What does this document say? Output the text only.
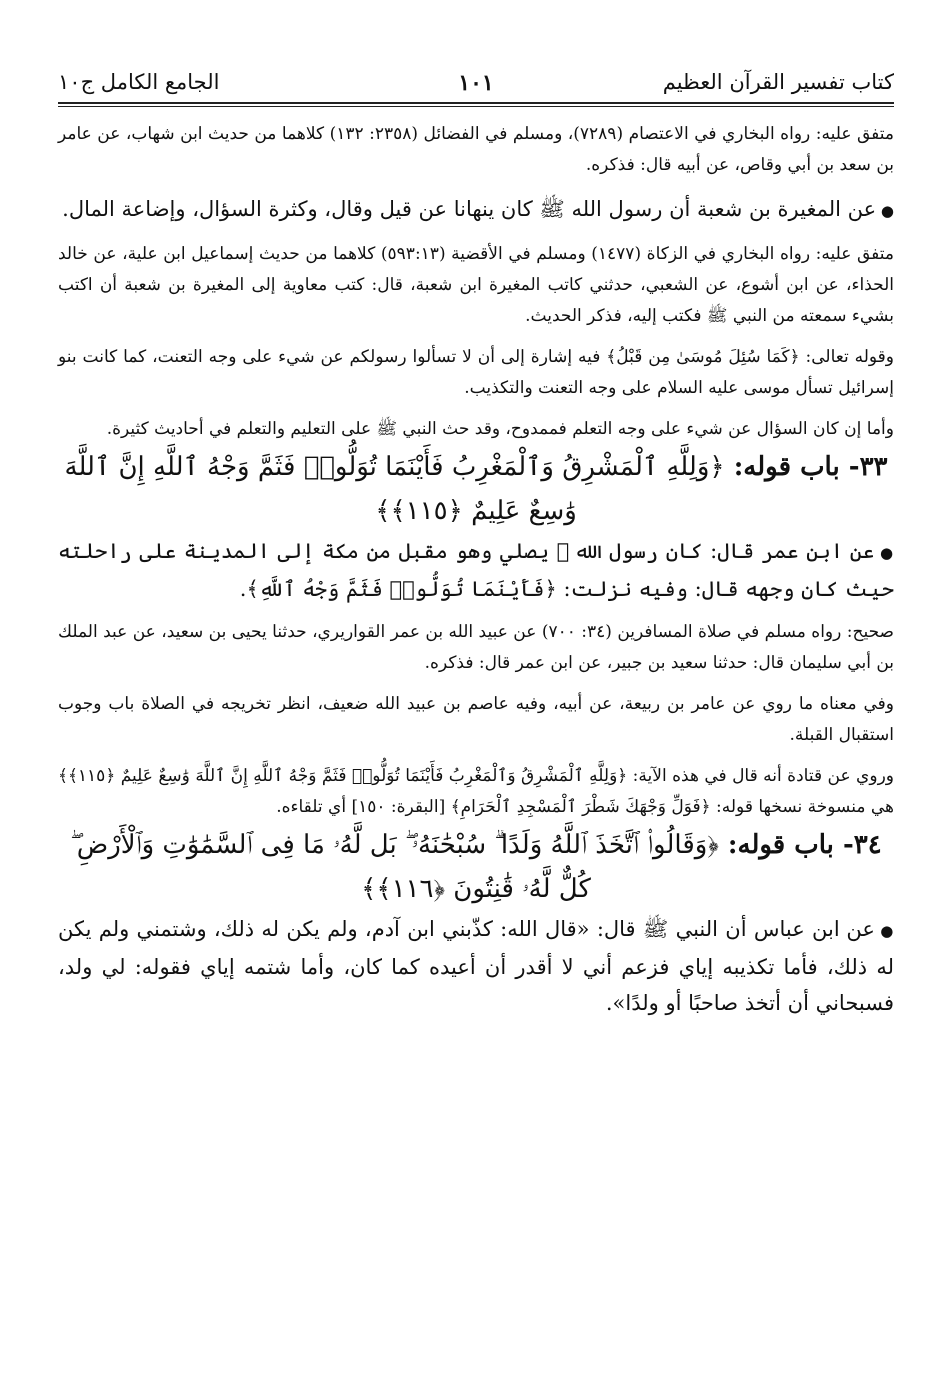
كتاب تفسير القرآن العظيم
١٠١
الجامع الكامل ج١٠

متفق عليه: رواه البخاري في الاعتصام (٧٢٨٩)، ومسلم في الفضائل (٢٣٥٨: ١٣٢) كلاهما من حديث ابن شهاب، عن عامر بن سعد بن أبي وقاص، عن أبيه قال: فذكره.

● عن المغيرة بن شعبة أن رسول الله ﷺ كان ينهانا عن قيل وقال، وكثرة السؤال، وإضاعة المال.

متفق عليه: رواه البخاري في الزكاة (١٤٧٧) ومسلم في الأقضية (٥٩٣:١٣) كلاهما من حديث إسماعيل ابن علية، عن خالد الحذاء، عن ابن أشوع، عن الشعبي، حدثني كاتب المغيرة ابن شعبة، قال: كتب معاوية إلى المغيرة بن شعبة أن اكتب بشيء سمعته من النبي ﷺ فكتب إليه، فذكر الحديث.

وقوله تعالى: ﴿كَمَا سُئِلَ مُوسَىٰ مِن قَبْلُ﴾ فيه إشارة إلى أن لا تسألوا رسولكم عن شيء على وجه التعنت، كما كانت بنو إسرائيل تسأل موسى عليه السلام على وجه التعنت والتكذيب.

وأما إن كان السؤال عن شيء على وجه التعلم فممدوح، وقد حث النبي ﷺ على التعليم والتعلم في أحاديث كثيرة.

٣٣- باب قوله: ﴿وَلِلَّهِ ٱلْمَشْرِقُ وَٱلْمَغْرِبُ فَأَيْنَمَا تُوَلُّوا۟ فَثَمَّ وَجْهُ ٱللَّهِ إِنَّ ٱللَّهَ وَٰسِعٌ عَلِيمٌ ﴿١١٥﴾﴾

● عن ابن عمر قال: كان رسول الله ﷺ يصلي وهو مقبل من مكة إلى المدينة على راحلته حيث كان وجهه قال: وفيه نزلت: ﴿فَأَيْنَمَا تُوَلُّوا۟ فَثَمَّ وَجْهُ ٱللَّهِ﴾.

صحيح: رواه مسلم في صلاة المسافرين (٣٤: ٧٠٠) عن عبيد الله بن عمر القواريري، حدثنا يحيى بن سعيد، عن عبد الملك بن أبي سليمان قال: حدثنا سعيد بن جبير، عن ابن عمر قال: فذكره.

وفي معناه ما روي عن عامر بن ربيعة، عن أبيه، وفيه عاصم بن عبيد الله ضعيف، انظر تخريجه في الصلاة باب وجوب استقبال القبلة.

وروي عن قتادة أنه قال في هذه الآية: ﴿وَلِلَّهِ ٱلْمَشْرِقُ وَٱلْمَغْرِبُ فَأَيْنَمَا تُوَلُّوا۟ فَثَمَّ وَجْهُ ٱللَّهِ إِنَّ ٱللَّهَ وَٰسِعٌ عَلِيمٌ ﴿١١٥﴾﴾ هي منسوخة نسخها قوله: ﴿فَوَلِّ وَجْهَكَ شَطْرَ ٱلْمَسْجِدِ ٱلْحَرَامِ﴾ [البقرة: ١٥٠] أي تلقاءه.

٣٤- باب قوله: ﴿وَقَالُوا۟ ٱتَّخَذَ ٱللَّهُ وَلَدًا ۗ سُبْحَٰنَهُۥ ۖ بَل لَّهُۥ مَا فِى ٱلسَّمَٰوَٰتِ وَٱلْأَرْضِ ۖ كُلٌّ لَّهُۥ قَٰنِتُونَ ﴿١١٦﴾﴾

● عن ابن عباس أن النبي ﷺ قال: «قال الله: كذّبني ابن آدم، ولم يكن له ذلك، وشتمني ولم يكن له ذلك، فأما تكذيبه إياي فزعم أني لا أقدر أن أعيده كما كان، وأما شتمه إياي فقوله: لي ولد، فسبحاني أن أتخذ صاحبًا أو ولدًا».
